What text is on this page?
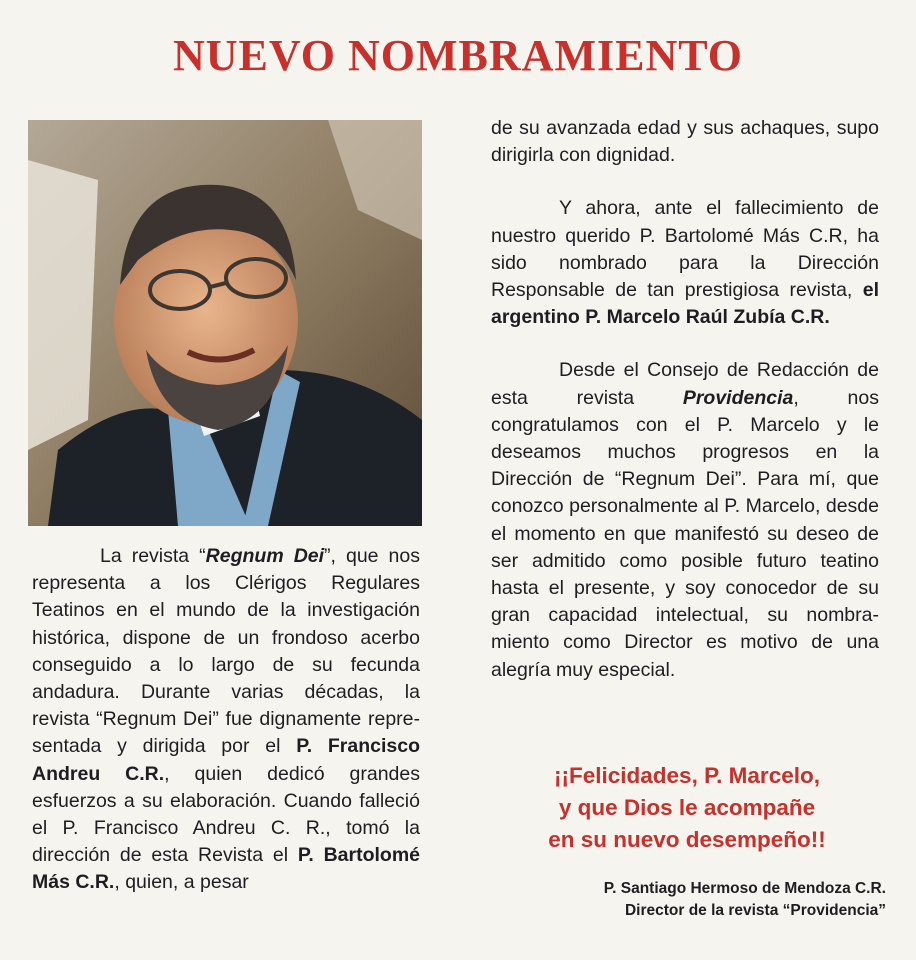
NUEVO NOMBRAMIENTO

La revista “Regnum Dei”, que nos representa a los Clérigos Regulares Teatinos en el mundo de la investigación histórica, dispone de un frondoso acerbo conseguido a lo largo de su fecunda andadura. Durante varias décadas, la revista “Regnum Dei” fue dignamente representada y dirigida por el P. Francisco Andreu C.R., quien dedicó grandes esfuerzos a su elaboración. Cuando falleció el P. Francisco Andreu C. R., tomó la dirección de esta Revista el P. Bartolomé Más C.R., quien, a pesar

de su avanzada edad y sus achaques, supo dirigirla con dignidad.

Y ahora, ante el fallecimiento de nuestro querido P. Bartolomé Más C.R, ha sido nombrado para la Dirección Responsable de tan prestigiosa revista, el argentino P. Marcelo Raúl Zubía C.R.

Desde el Consejo de Redacción de esta revista Providencia, nos congratulamos con el P. Marcelo y le deseamos muchos progresos en la Dirección de “Regnum Dei”. Para mí, que conozco personalmente al P. Marcelo, desde el momento en que manifestó su deseo de ser admitido como posible futuro teatino hasta el presente, y soy conocedor de su gran capacidad intelectual, su nombramiento como Director es motivo de una alegría muy especial.

¡¡Felicidades, P. Marcelo,
y que Dios le acompañe
en su nuevo desempeño!!
P. Santiago Hermoso de Mendoza C.R.
Director de la revista “Providencia”
